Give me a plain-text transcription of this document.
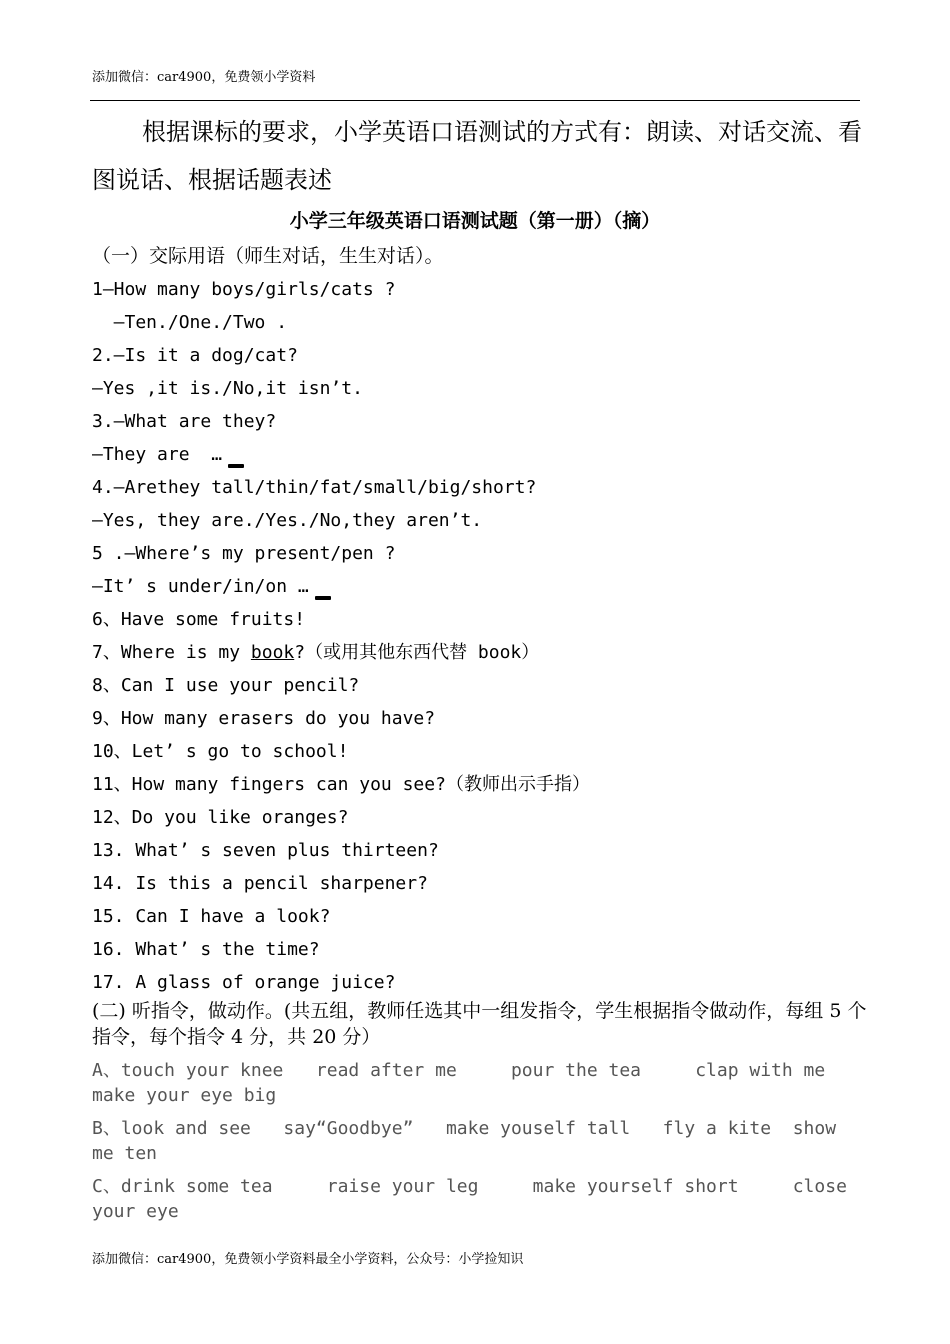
添加微信：car4900，免费领小学资料
根据课标的要求，小学英语口语测试的方式有：朗读、对话交流、看图说话、根据话题表述
小学三年级英语口语测试题（第一册）（摘）
（一）交际用语（师生对话，生生对话）。
1—How many boys/girls/cats ?
—Ten./One./Two .
2.—Is it a dog/cat?
—Yes ,it is./No,it isn’t.
3.—What are they?
—They are  …
4.—Arethey tall/thin/fat/small/big/short?
—Yes, they are./Yes./No,they aren’t.
5 .—Where’s my present/pen ?
—It’ s under/in/on …
6、Have some fruits!
7、Where is my book?（或用其他东西代替 book）
8、Can I use your pencil?
9、How many erasers do you have?
10、Let’ s go to school!
11、How many fingers can you see?（教师出示手指）
12、Do you like oranges?
13. What’ s seven plus thirteen?
14. Is this a pencil sharpener?
15. Can I have a look?
16. What’ s the time?
17. A glass of orange juice?
(二) 听指令，做动作。(共五组，教师任选其中一组发指令，学生根据指令做动作，每组 5 个指令，每个指令 4 分，共 20 分）
A、touch your knee   read after me     pour the tea     clap with me   make your eye big
B、look and see   say“Goodbye”   make youself tall   fly a kite  show me ten
C、drink some tea     raise your leg     make yourself short     close your eye
添加微信：car4900，免费领小学资料最全小学资料，公众号：小学捡知识
